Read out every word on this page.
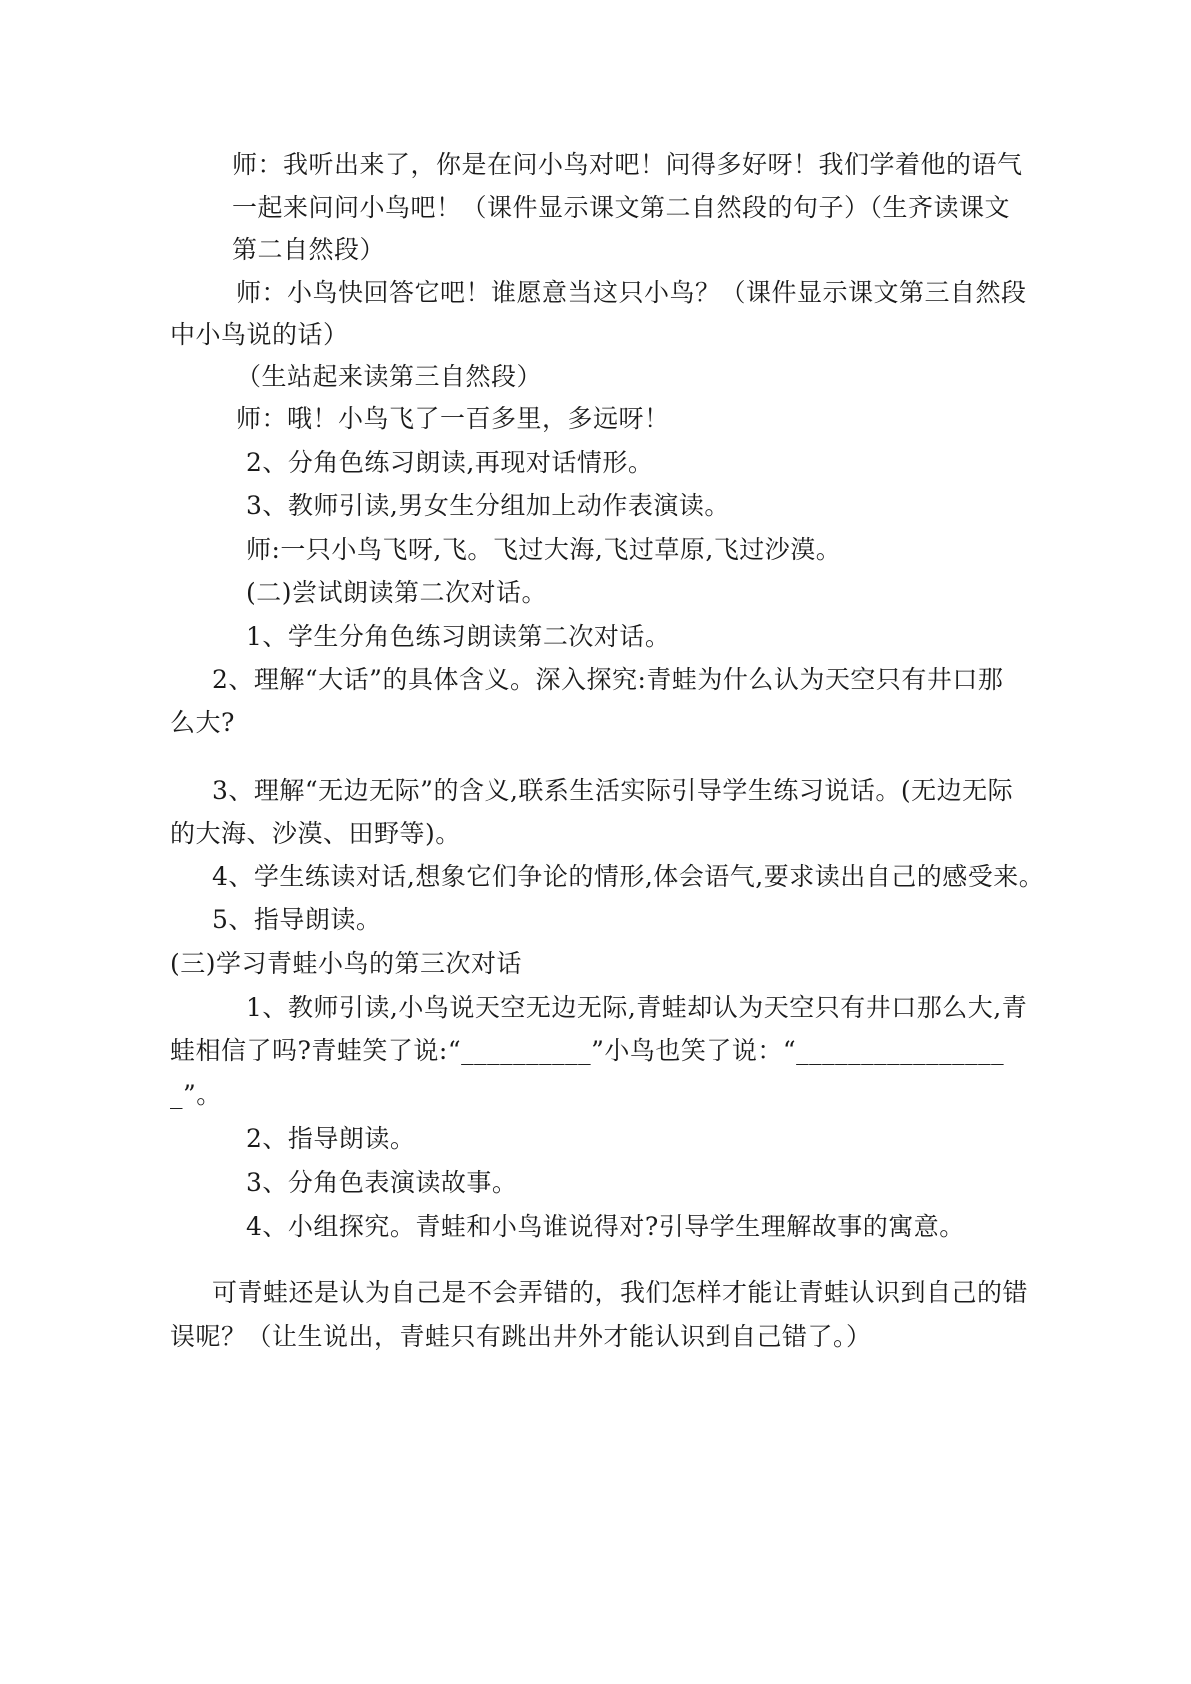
师：我听出来了，你是在问小鸟对吧！问得多好呀！我们学着他的语气
一起来问问小鸟吧！（课件显示课文第二自然段的句子）（生齐读课文
第二自然段）
师：小鸟快回答它吧！谁愿意当这只小鸟？（课件显示课文第三自然段
中小鸟说的话）
（生站起来读第三自然段）
师：哦！小鸟飞了一百多里，多远呀！
2、分角色练习朗读,再现对话情形。
3、教师引读,男女生分组加上动作表演读。
师:一只小鸟飞呀,飞。飞过大海,飞过草原,飞过沙漠。
(二)尝试朗读第二次对话。
1、学生分角色练习朗读第二次对话。
2、理解“大话”的具体含义。深入探究:青蛙为什么认为天空只有井口那
么大?
3、理解“无边无际”的含义,联系生活实际引导学生练习说话。(无边无际
的大海、沙漠、田野等)。
4、学生练读对话,想象它们争论的情形,体会语气,要求读出自己的感受来。
5、指导朗读。
(三)学习青蛙小鸟的第三次对话
1、教师引读,小鸟说天空无边无际,青蛙却认为天空只有井口那么大,青
蛙相信了吗?青蛙笑了说:“__________”小鸟也笑了说：“________________
_”。
2、指导朗读。
3、分角色表演读故事。
4、小组探究。青蛙和小鸟谁说得对?引导学生理解故事的寓意。
可青蛙还是认为自己是不会弄错的，我们怎样才能让青蛙认识到自己的错
误呢？（让生说出，青蛙只有跳出井外才能认识到自己错了。）
